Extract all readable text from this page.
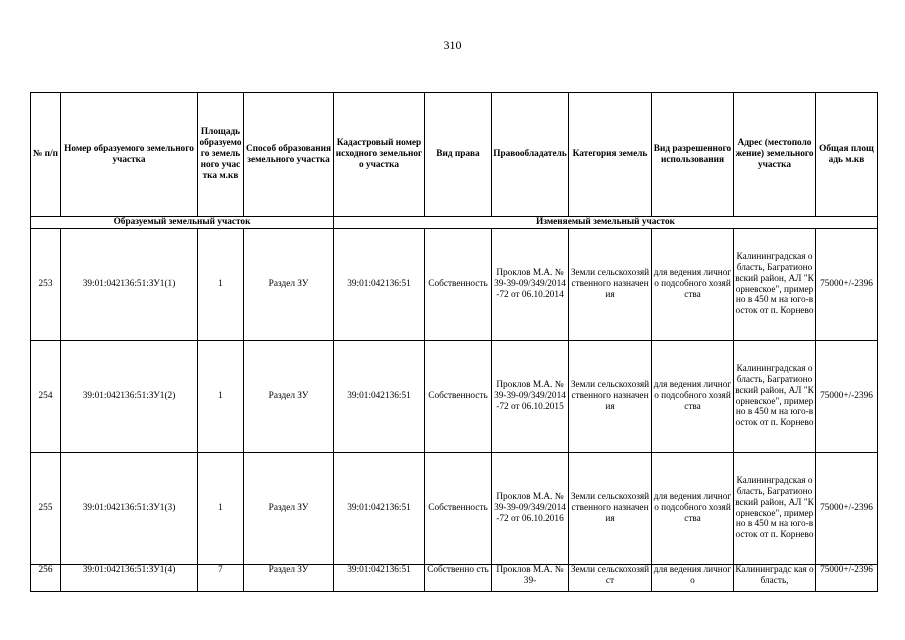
310
№ п/п	Номер образуемого земельного участка	Площадь образуемого земельного участка м.кв	Способ образования земельного участка	Кадастровый номер исходного земельного участка	Вид права	Правообладатель	Категория земель	Вид разрешенного использования	Адрес (местоположение) земельного участка	Общая площадь м.кв
Образуемый земельный участок				Изменяемый земельный участок						
253	39:01:042136:51:ЗУ1(1)	1	Раздел ЗУ	39:01:042136:51	Собственность	Проклов М.А. № 39-39-09/349/2014-72 от 06.10.2014	Земли сельскохозяйственного назначения	для ведения личного подсобного хозяйства	Калининградская область, Багратионовский район, АЛ "Корневское", примерно в 450 м на юго-восток от п. Корнево	75000+/-2396
254	39:01:042136:51:ЗУ1(2)	1	Раздел ЗУ	39:01:042136:51	Собственность	Проклов М.А. № 39-39-09/349/2014-72 от 06.10.2015	Земли сельскохозяйственного назначения	для ведения личного подсобного хозяйства	Калининградская область, Багратионовский район, АЛ "Корневское", примерно в 450 м на юго-восток от п. Корнево	75000+/-2396
255	39:01:042136:51:ЗУ1(3)	1	Раздел ЗУ	39:01:042136:51	Собственность	Проклов М.А. № 39-39-09/349/2014-72 от 06.10.2016	Земли сельскохозяйственного назначения	для ведения личного подсобного хозяйства	Калининградская область, Багратионовский район, АЛ "Корневское", примерно в 450 м на юго-восток от п. Корнево	75000+/-2396
256	39:01:042136:51:ЗУ1(4)	7	Раздел ЗУ	39:01:042136:51	Собственно сть	Проклов М.А. № 39-	Земли сельскохозяйст	для ведения личного	Калининградс кая область,	75000+/-2396
